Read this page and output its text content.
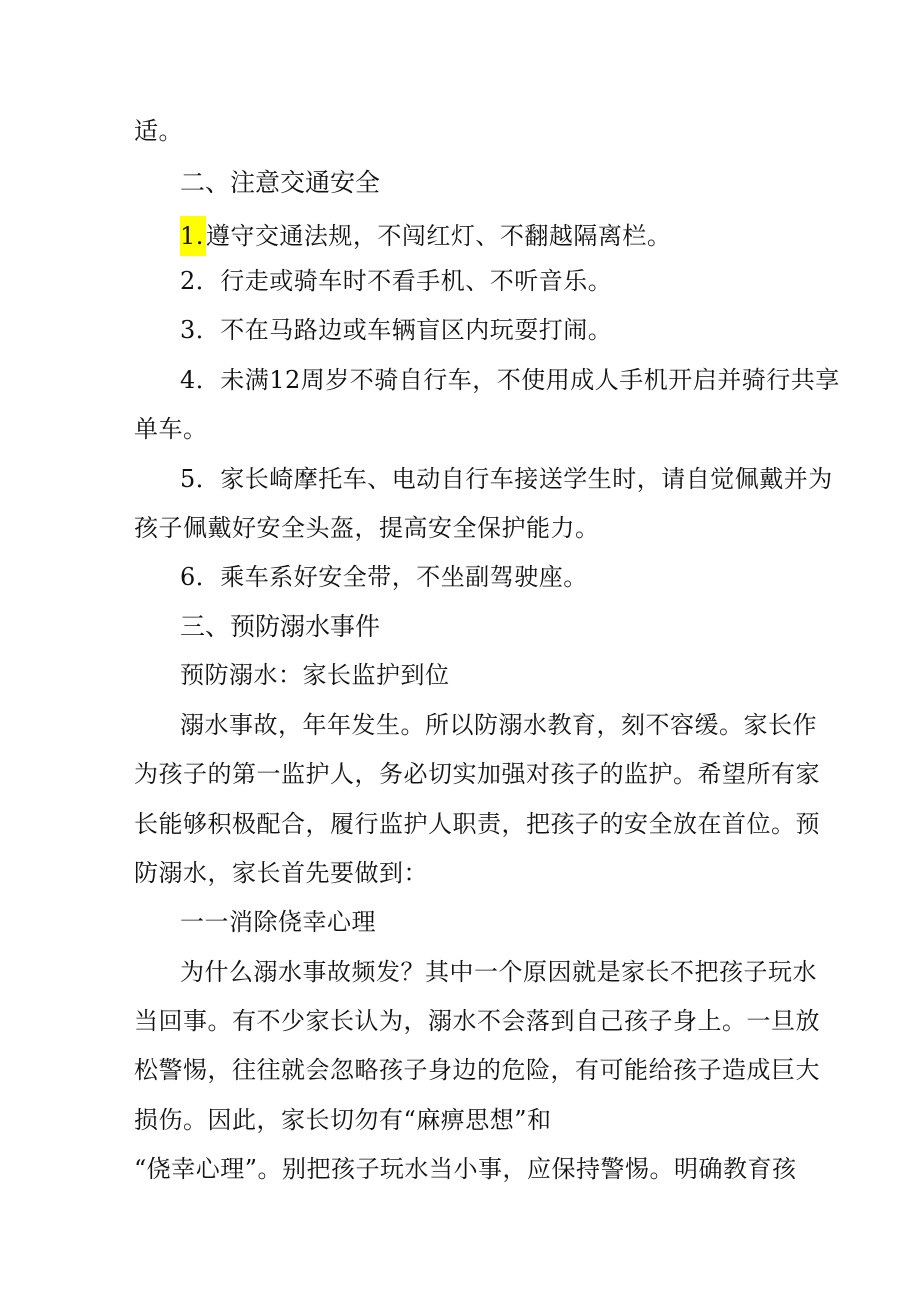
适。
二、注意交通安全
1.遵守交通法规，不闯红灯、不翻越隔离栏。
2．行走或骑车时不看手机、不听音乐。
3．不在马路边或车辆盲区内玩耍打闹。
4．未满12周岁不骑自行车，不使用成人手机开启并骑行共享
单车。
5．家长崎摩托车、电动自行车接送学生时，请自觉佩戴并为
孩子佩戴好安全头盔，提高安全保护能力。
6．乘车系好安全带，不坐副驾驶座。
三、预防溺水事件
预防溺水：家长监护到位
溺水事故，年年发生。所以防溺水教育，刻不容缓。家长作
为孩子的第一监护人，务必切实加强对孩子的监护。希望所有家
长能够积极配合，履行监护人职责，把孩子的安全放在首位。预
防溺水，家长首先要做到：
一一消除侥幸心理
为什么溺水事故频发？其中一个原因就是家长不把孩子玩水
当回事。有不少家长认为，溺水不会落到自己孩子身上。一旦放
松警惕，往往就会忽略孩子身边的危险，有可能给孩子造成巨大
损伤。因此，家长切勿有“麻痹思想”和
“侥幸心理”。别把孩子玩水当小事，应保持警惕。明确教育孩
